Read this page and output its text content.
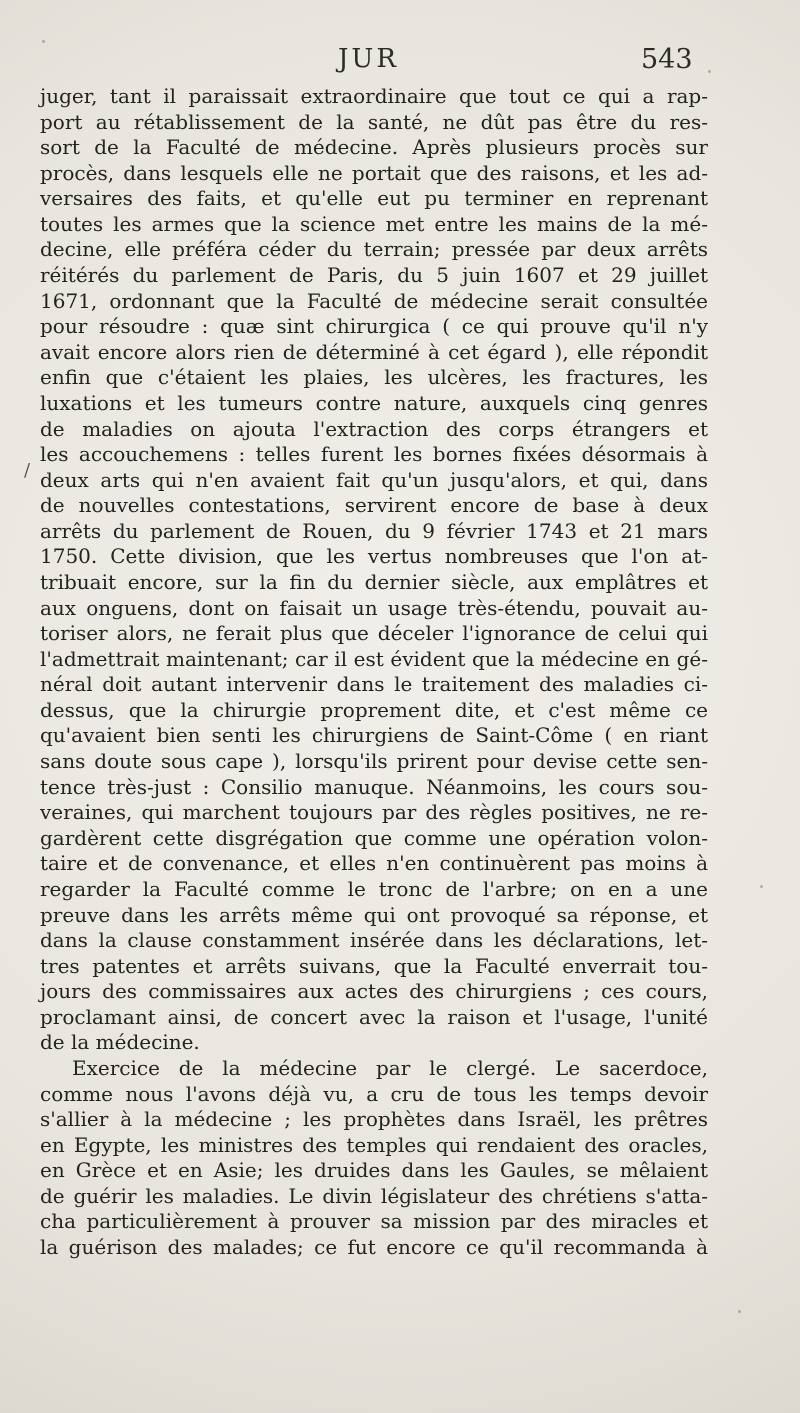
JUR	543
/
juger, tant il paraissait extraordinaire que tout ce qui a rap-
port au rétablissement de la santé, ne dût pas être du res-
sort de la Faculté de médecine. Après plusieurs procès sur
procès, dans lesquels elle ne portait que des raisons, et les ad-
versaires des faits, et qu'elle eut pu terminer en reprenant
toutes les armes que la science met entre les mains de la mé-
decine, elle préféra céder du terrain; pressée par deux arrêts
réitérés du parlement de Paris, du 5 juin 1607 et 29 juillet
1671, ordonnant que la Faculté de médecine serait consultée
pour résoudre : quæ sint chirurgica ( ce qui prouve qu'il n'y
avait encore alors rien de déterminé à cet égard ), elle répondit
enfin que c'étaient les plaies, les ulcères, les fractures, les
luxations et les tumeurs contre nature, auxquels cinq genres
de maladies on ajouta l'extraction des corps étrangers et
les accouchemens : telles furent les bornes fixées désormais à
deux arts qui n'en avaient fait qu'un jusqu'alors, et qui, dans
de nouvelles contestations, servirent encore de base à deux
arrêts du parlement de Rouen, du 9 février 1743 et 21 mars
1750. Cette division, que les vertus nombreuses que l'on at-
tribuait encore, sur la fin du dernier siècle, aux emplâtres et
aux onguens, dont on faisait un usage très-étendu, pouvait au-
toriser alors, ne ferait plus que déceler l'ignorance de celui qui
l'admettrait maintenant; car il est évident que la médecine en gé-
néral doit autant intervenir dans le traitement des maladies ci-
dessus, que la chirurgie proprement dite, et c'est même ce
qu'avaient bien senti les chirurgiens de Saint-Côme ( en riant
sans doute sous cape ), lorsqu'ils prirent pour devise cette sen-
tence très-just : Consilio manuque. Néanmoins, les cours sou-
veraines, qui marchent toujours par des règles positives, ne re-
gardèrent cette disgrégation que comme une opération volon-
taire et de convenance, et elles n'en continuèrent pas moins à
regarder la Faculté comme le tronc de l'arbre; on en a une
preuve dans les arrêts même qui ont provoqué sa réponse, et
dans la clause constamment insérée dans les déclarations, let-
tres patentes et arrêts suivans, que la Faculté enverrait tou-
jours des commissaires aux actes des chirurgiens ; ces cours,
proclamant ainsi, de concert avec la raison et l'usage, l'unité
de la médecine.
Exercice de la médecine par le clergé. Le sacerdoce,
comme nous l'avons déjà vu, a cru de tous les temps devoir
s'allier à la médecine ; les prophètes dans Israël, les prêtres
en Egypte, les ministres des temples qui rendaient des oracles,
en Grèce et en Asie; les druides dans les Gaules, se mêlaient
de guérir les maladies. Le divin législateur des chrétiens s'atta-
cha particulièrement à prouver sa mission par des miracles et
la guérison des malades; ce fut encore ce qu'il recommanda à
